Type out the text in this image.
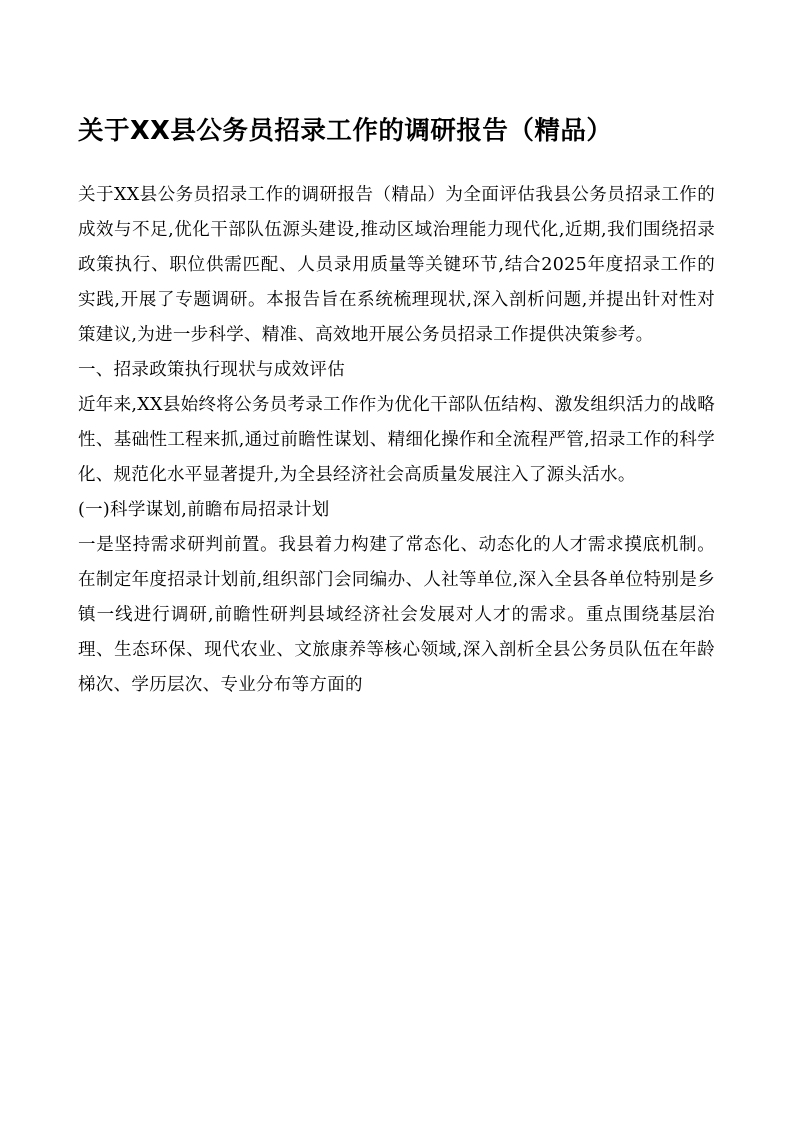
关于XX县公务员招录工作的调研报告（精品）

关于XX县公务员招录工作的调研报告（精品）为全面评估我县公务员招录工作的成效与不足,优化干部队伍源头建设,推动区域治理能力现代化,近期,我们围绕招录政策执行、职位供需匹配、人员录用质量等关键环节,结合2025年度招录工作的实践,开展了专题调研。本报告旨在系统梳理现状,深入剖析问题,并提出针对性对策建议,为进一步科学、精准、高效地开展公务员招录工作提供决策参考。

一、招录政策执行现状与成效评估

近年来,XX县始终将公务员考录工作作为优化干部队伍结构、激发组织活力的战略性、基础性工程来抓,通过前瞻性谋划、精细化操作和全流程严管,招录工作的科学化、规范化水平显著提升,为全县经济社会高质量发展注入了源头活水。

(一)科学谋划,前瞻布局招录计划

一是坚持需求研判前置。我县着力构建了常态化、动态化的人才需求摸底机制。在制定年度招录计划前,组织部门会同编办、人社等单位,深入全县各单位特别是乡镇一线进行调研,前瞻性研判县域经济社会发展对人才的需求。重点围绕基层治理、生态环保、现代农业、文旅康养等核心领域,深入剖析全县公务员队伍在年龄梯次、学历层次、专业分布等方面的
